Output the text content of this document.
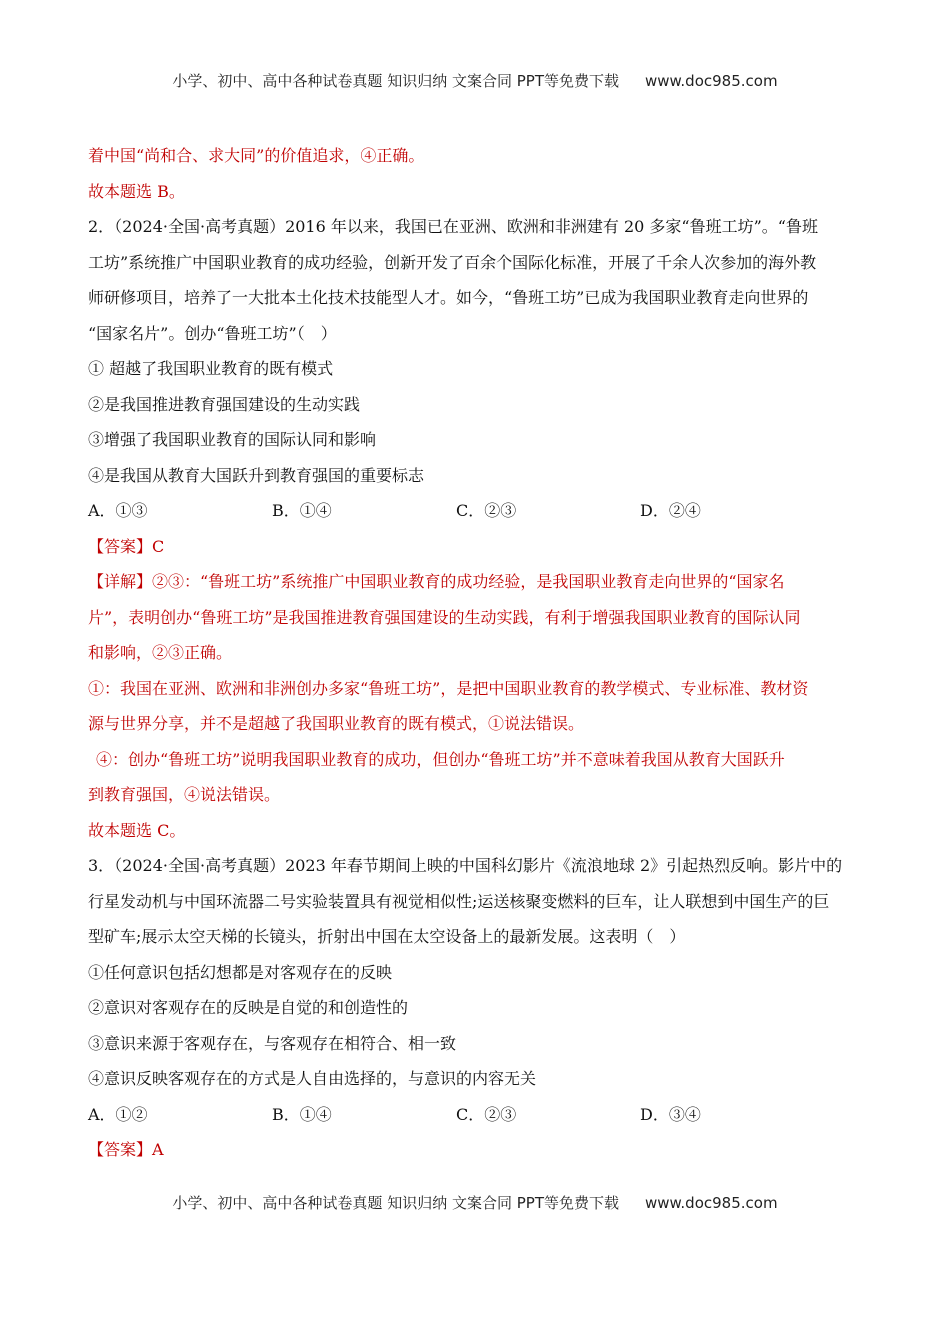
小学、初中、高中各种试卷真题 知识归纳 文案合同 PPT等免费下载 www.doc985.com
着中国“尚和合、求大同”的价值追求，④正确。
故本题选 B。
2．（2024·全国·高考真题）2016 年以来，我国已在亚洲、欧洲和非洲建有 20 多家“鲁班工坊”。“鲁班
工坊”系统推广中国职业教育的成功经验，创新开发了百余个国际化标准，开展了千余人次参加的海外教
师研修项目，培养了一大批本土化技术技能型人才。如今，“鲁班工坊”已成为我国职业教育走向世界的
“国家名片”。创办“鲁班工坊”（　）
① 超越了我国职业教育的既有模式
②是我国推进教育强国建设的生动实践
③增强了我国职业教育的国际认同和影响
④是我国从教育大国跃升到教育强国的重要标志
A．①③	B．①④	C．②③	D．②④
【答案】C
【详解】②③：“鲁班工坊”系统推广中国职业教育的成功经验，是我国职业教育走向世界的“国家名
片”，表明创办“鲁班工坊”是我国推进教育强国建设的生动实践，有利于增强我国职业教育的国际认同
和影响，②③正确。
①：我国在亚洲、欧洲和非洲创办多家“鲁班工坊”，是把中国职业教育的教学模式、专业标准、教材资
源与世界分享，并不是超越了我国职业教育的既有模式，①说法错误。
④：创办“鲁班工坊”说明我国职业教育的成功，但创办“鲁班工坊”并不意味着我国从教育大国跃升
到教育强国，④说法错误。
故本题选 C。
3．（2024·全国·高考真题）2023 年春节期间上映的中国科幻影片《流浪地球 2》引起热烈反响。影片中的
行星发动机与中国环流器二号实验装置具有视觉相似性;运送核聚变燃料的巨车，让人联想到中国生产的巨
型矿车;展示太空天梯的长镜头，折射出中国在太空设备上的最新发展。这表明（　）
①任何意识包括幻想都是对客观存在的反映
②意识对客观存在的反映是自觉的和创造性的
③意识来源于客观存在，与客观存在相符合、相一致
④意识反映客观存在的方式是人自由选择的，与意识的内容无关
A．①②	B．①④	C．②③	D．③④
【答案】A
小学、初中、高中各种试卷真题 知识归纳 文案合同 PPT等免费下载 www.doc985.com
